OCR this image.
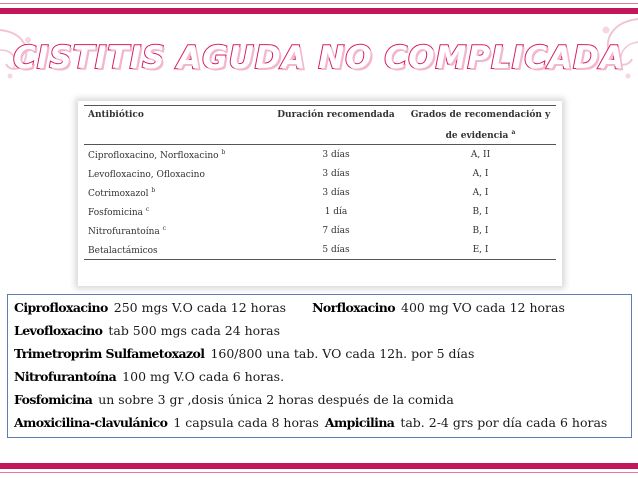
CISTITIS AGUDA NO COMPLICADA
Antibiótico	Duración recomendada	Grados de recomendación y
de evidencia $^a$

Ciprofloxacino, Norfloxacino $^b$	3 días	A, II
Levofloxacino, Ofloxacino	3 días	A, I
Cotrimoxazol $^b$	3 días	A, I
Fosfomicina $^c$	1 día	B, I
Nitrofurantoína $^c$	7 días	B, I
Betalactámicos	5 días	E, I
Ciprofloxacino 250 mgs V.O cada 12 horas Norfloxacino 400 mg VO cada 12 horas
Levofloxacino tab 500 mgs cada 24 horas
Trimetroprim Sulfametoxazol 160/800 una tab. VO cada 12h. por 5 días
Nitrofurantoína 100 mg V.O cada 6 horas.
Fosfomicina un sobre 3 gr ,dosis única 2 horas después de la comida
Amoxicilina-clavulánico 1 capsula cada 8 horas Ampicilina tab. 2-4 grs por día cada 6 horas
